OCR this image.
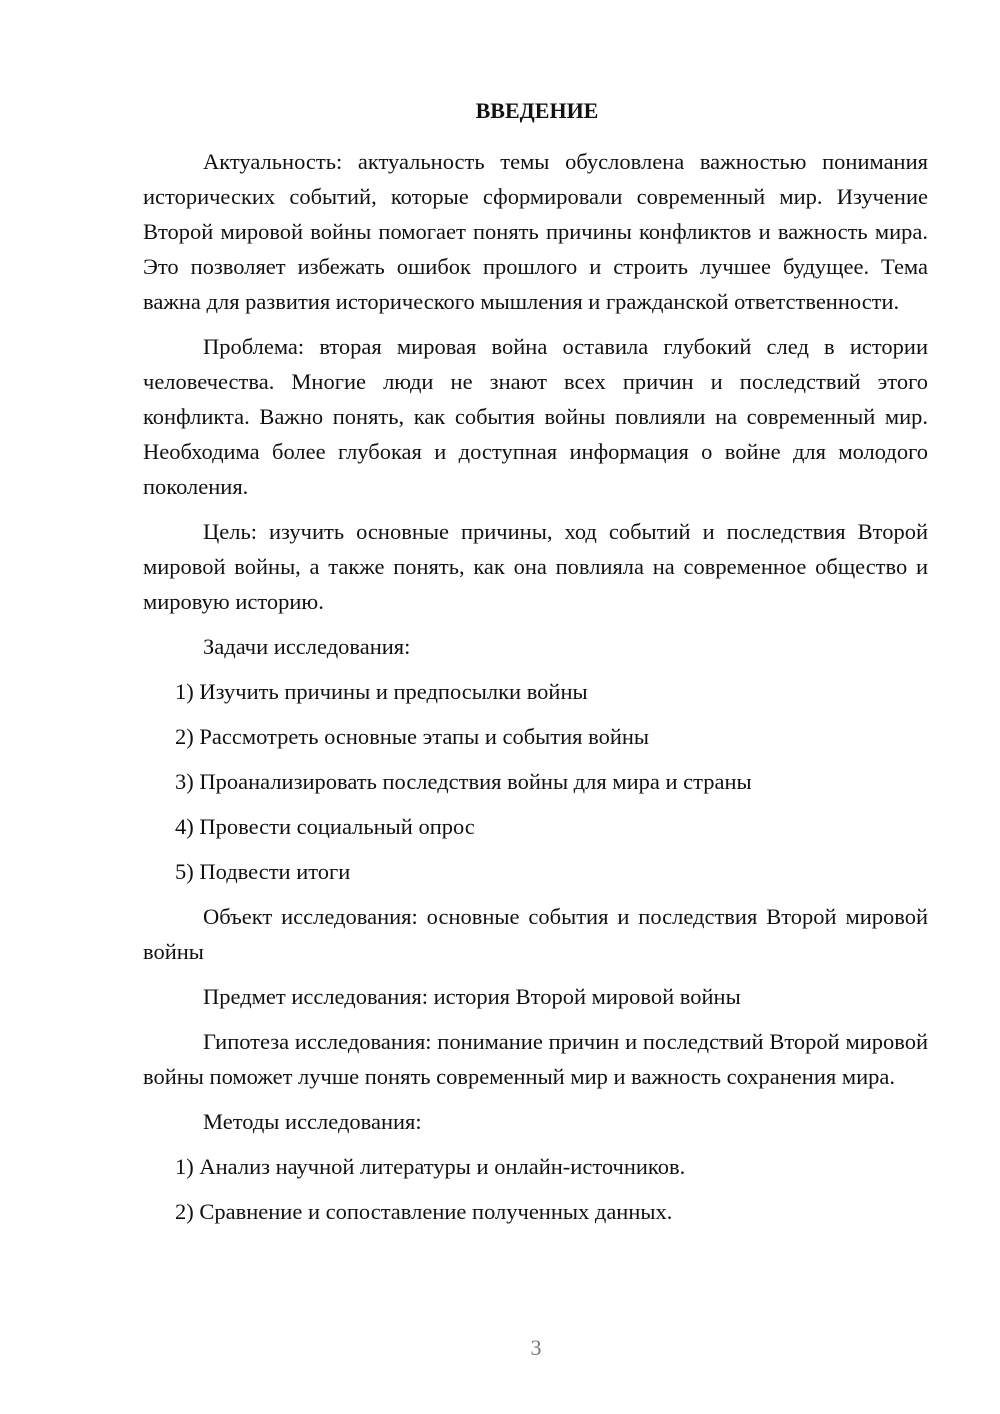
ВВЕДЕНИЕ

Актуальность: актуальность темы обусловлена важностью понимания исторических событий, которые сформировали современный мир. Изучение Второй мировой войны помогает понять причины конфликтов и важность мира. Это позволяет избежать ошибок прошлого и строить лучшее будущее. Тема важна для развития исторического мышления и гражданской ответственности.

Проблема: вторая мировая война оставила глубокий след в истории человечества. Многие люди не знают всех причин и последствий этого конфликта. Важно понять, как события войны повлияли на современный мир. Необходима более глубокая и доступная информация о войне для молодого поколения.

Цель: изучить основные причины, ход событий и последствия Второй мировой войны, а также понять, как она повлияла на современное общество и мировую историю.

Задачи исследования:

1) Изучить причины и предпосылки войны
2) Рассмотреть основные этапы и события войны
3) Проанализировать последствия войны для мира и страны
4) Провести социальный опрос
5) Подвести итоги

Объект исследования: основные события и последствия Второй мировой войны

Предмет исследования: история Второй мировой войны

Гипотеза исследования: понимание причин и последствий Второй мировой войны поможет лучше понять современный мир и важность сохранения мира.

Методы исследования:

1) Анализ научной литературы и онлайн-источников.
2) Сравнение и сопоставление полученных данных.
3
